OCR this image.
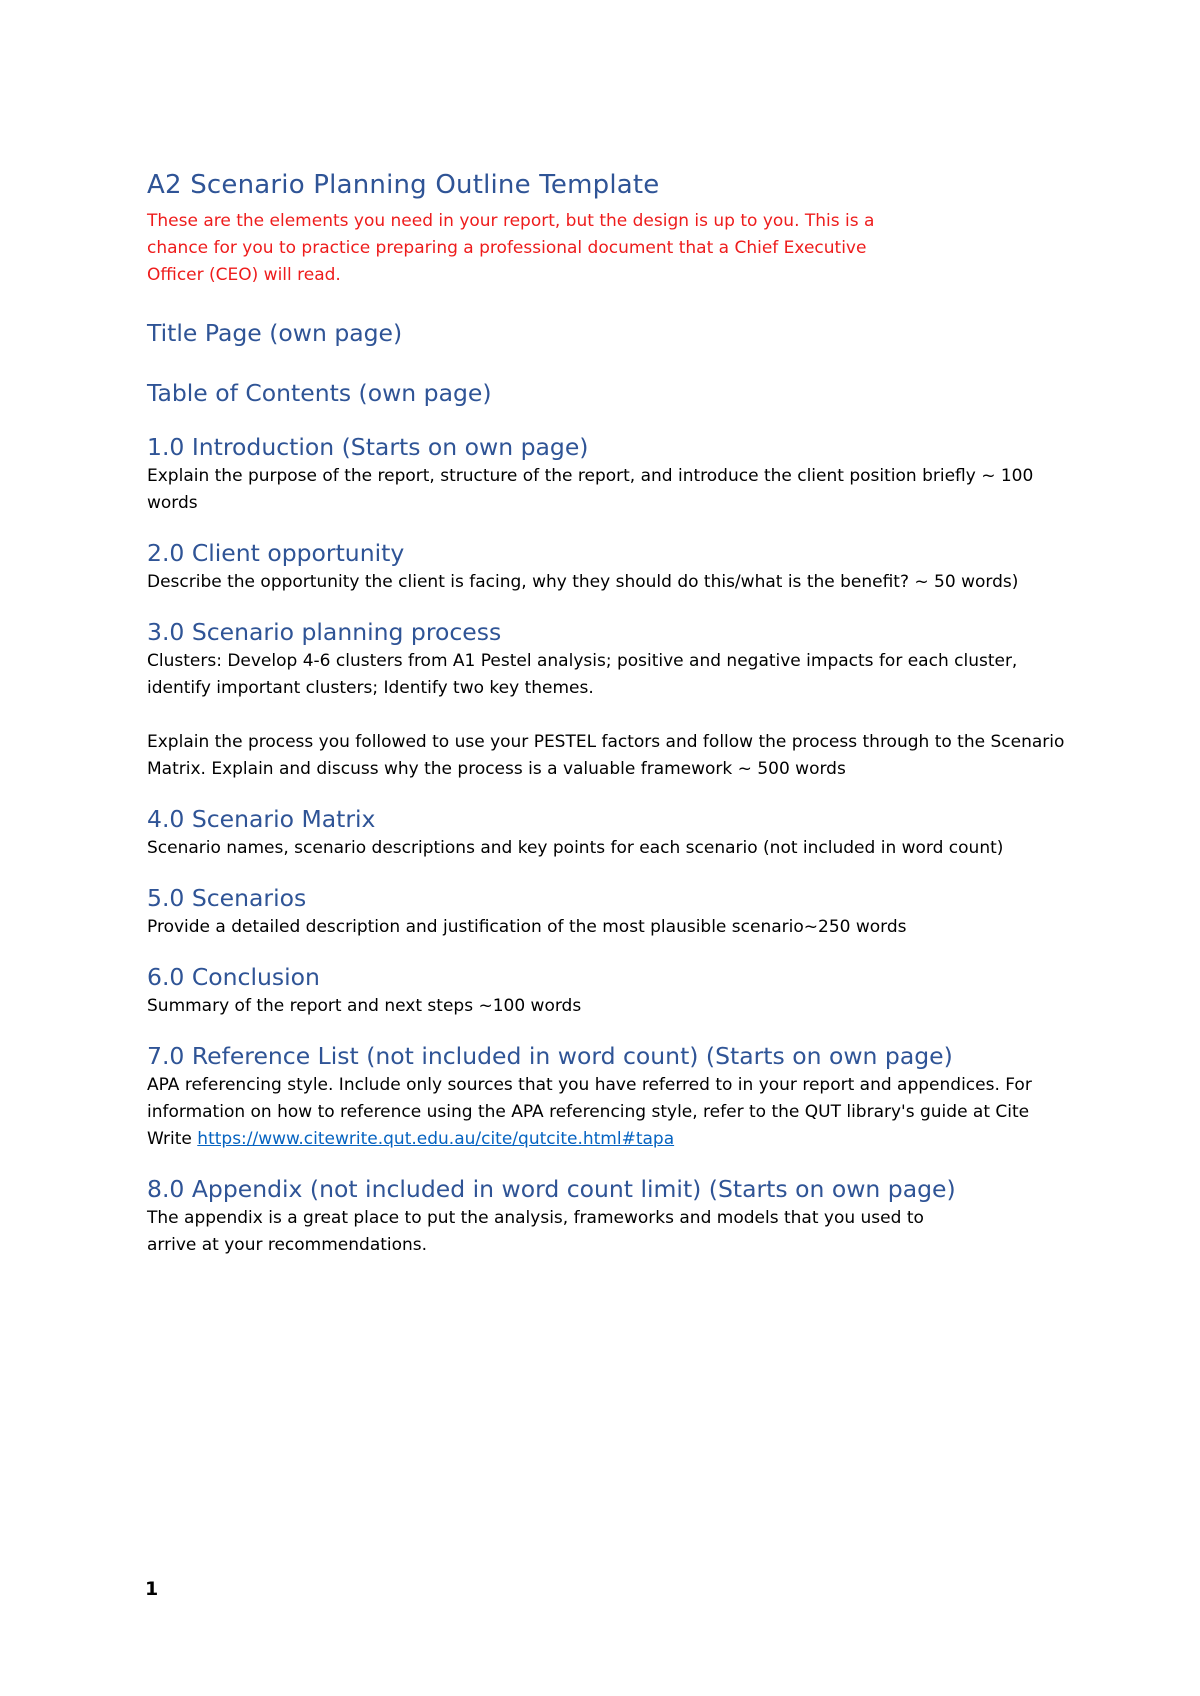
A2 Scenario Planning Outline Template

These are the elements you need in your report, but the design is up to you. This is a chance for you to practice preparing a professional document that a Chief Executive Officer (CEO) will read.

Title Page (own page)
Table of Contents (own page)
1.0 Introduction (Starts on own page)

Explain the purpose of the report, structure of the report, and introduce the client position briefly ~ 100 words

2.0 Client opportunity

Describe the opportunity the client is facing, why they should do this/what is the benefit? ~ 50 words)

3.0 Scenario planning process

Clusters: Develop 4-6 clusters from A1 Pestel analysis; positive and negative impacts for each cluster, identify important clusters; Identify two key themes.

Explain the process you followed to use your PESTEL factors and follow the process through to the Scenario Matrix. Explain and discuss why the process is a valuable framework ~ 500 words

4.0 Scenario Matrix

Scenario names, scenario descriptions and key points for each scenario (not included in word count)

5.0 Scenarios

Provide a detailed description and justification of the most plausible scenario~250 words

6.0 Conclusion

Summary of the report and next steps ~100 words

7.0 Reference List (not included in word count) (Starts on own page)

APA referencing style. Include only sources that you have referred to in your report and appendices. For information on how to reference using the APA referencing style, refer to the QUT library's guide at Cite Write https://www.citewrite.qut.edu.au/cite/qutcite.html#tapa

8.0 Appendix (not included in word count limit) (Starts on own page)

The appendix is a great place to put the analysis, frameworks and models that you used to arrive at your recommendations.

1
